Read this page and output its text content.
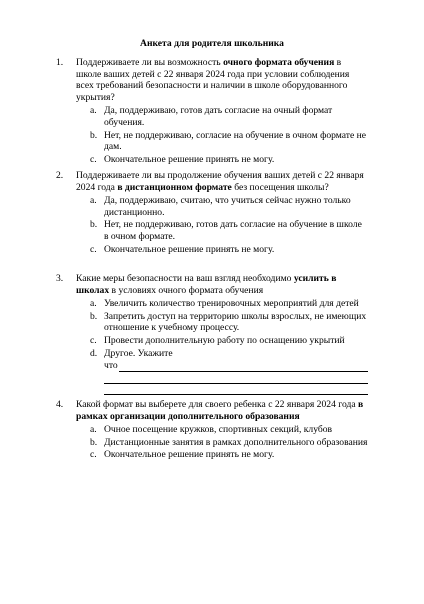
Анкета для родителя школьника
1. Поддерживаете ли вы возможность очного формата обучения в школе ваших детей с 22 января 2024 года при условии соблюдения всех требований безопасности и наличии в школе оборудованного укрытия?
a. Да, поддерживаю, готов дать согласие на очный формат обучения.
b. Нет, не поддерживаю, согласие на обучение в очном формате не дам.
c. Окончательное решение принять не могу.
2. Поддерживаете ли вы продолжение обучения ваших детей с 22 января 2024 года в дистанционном формате без посещения школы?
a. Да, поддерживаю, считаю, что учиться сейчас нужно только дистанционно.
b. Нет, не поддерживаю, готов дать согласие на обучение в школе в очном формате.
c. Окончательное решение принять не могу.
3. Какие меры безопасности на ваш взгляд необходимо усилить в школах в условиях очного формата обучения
a. Увеличить количество тренировочных мероприятий для детей
b. Запретить доступ на территорию школы взрослых, не имеющих отношение к учебному процессу.
c. Провести дополнительную работу по оснащению укрытий
d. Другое. Укажите
что
4. Какой формат вы выберете для своего ребенка с 22 января 2024 года в рамках организации дополнительного образования
a. Очное посещение кружков, спортивных секций, клубов
b. Дистанционные занятия в рамках дополнительного образования
c. Окончательное решение принять не могу.
